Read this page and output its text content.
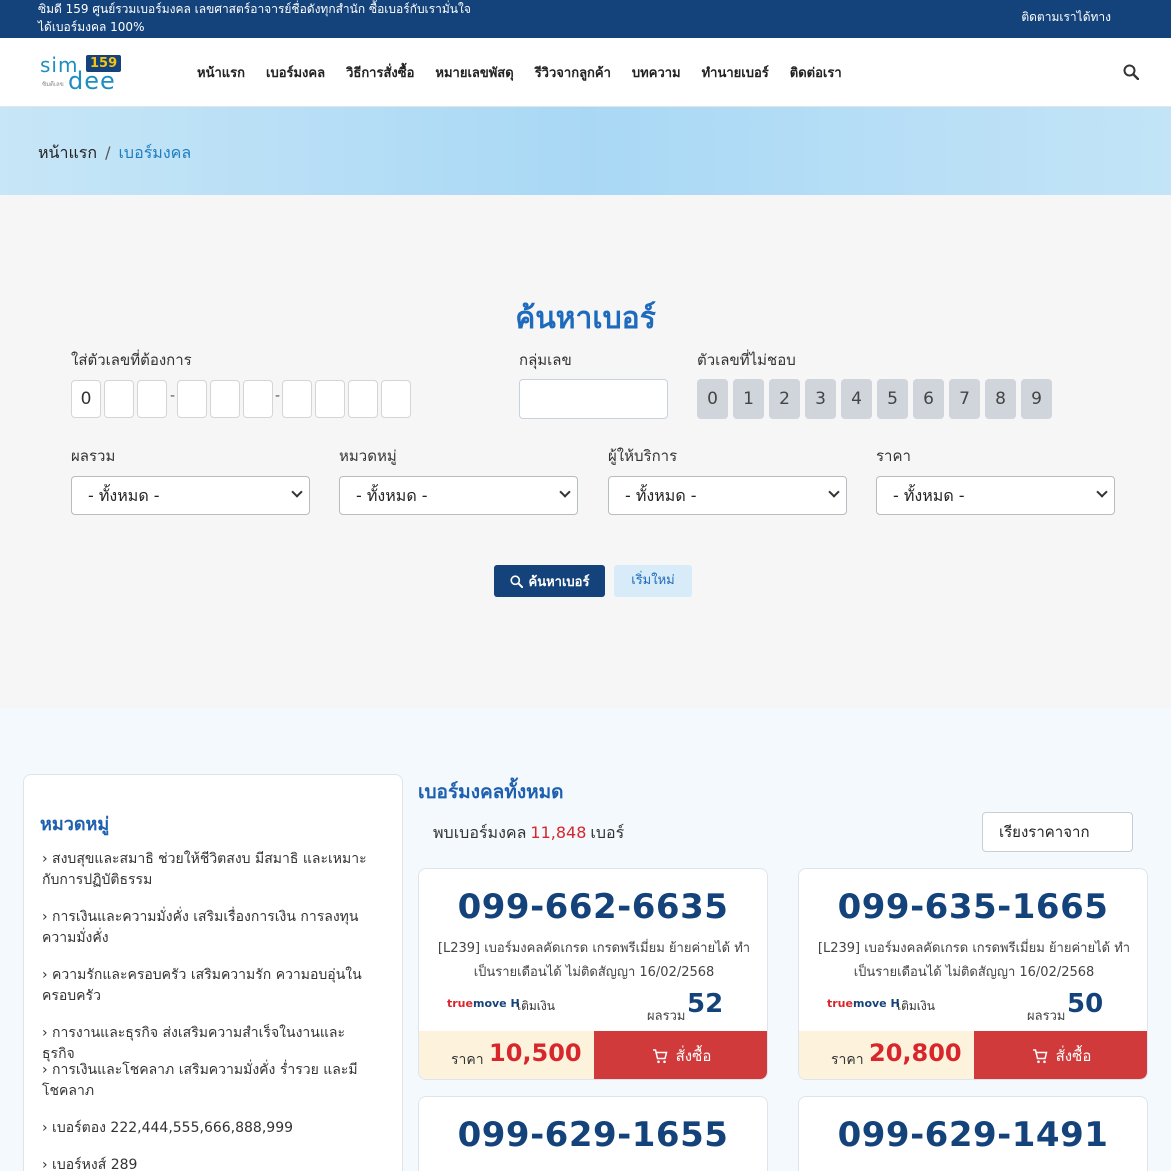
ซิมดี 159 ศูนย์รวมเบอร์มงคล เลขศาสตร์อาจารย์ชื่อดังทุกสำนัก ซื้อเบอร์กับเรามั่นใจ ได้เบอร์มงคล 100%
ติดตามเราได้ทาง
sim 159
dee
ซิมดีเลข
หน้าแรก เบอร์มงคล วิธีการสั่งซื้อ หมายเลขพัสดุ รีวิวจากลูกค้า บทความ ทำนายเบอร์ ติดต่อเรา
หน้าแรก / เบอร์มงคล
ค้นหาเบอร์
ใส่ตัวเลขที่ต้องการ
0	-	-
กลุ่มเลข	ตัวเลขที่ไม่ชอบ
0	1	2	3	4	5	6	7	8	9
ผลรวม
- ทั้งหมด -
หมวดหมู่
- ทั้งหมด -
ผู้ให้บริการ
- ทั้งหมด -
ราคา
- ทั้งหมด -
ค้นหาเบอร์	เริ่มใหม่
หมวดหมู่
› สงบสุขและสมาธิ ช่วยให้ชีวิตสงบ มีสมาธิ และเหมาะกับการปฏิบัติธรรม
› การเงินและความมั่งคั่ง เสริมเรื่องการเงิน การลงทุน ความมั่งคั่ง
› ความรักและครอบครัว เสริมความรัก ความอบอุ่นในครอบครัว
› การงานและธุรกิจ ส่งเสริมความสำเร็จในงานและธุรกิจ
› การเงินและโชคลาภ เสริมความมั่งคั่ง ร่ำรวย และมีโชคลาภ
› เบอร์ตอง 222,444,555,666,888,999
› เบอร์หงส์ 289
เบอร์มงคลทั้งหมด
พบเบอร์มงคล 11,848 เบอร์	เรียงราคาจาก
099-662-6635
[L239] เบอร์มงคลคัดเกรด เกรดพรีเมี่ยม ย้ายค่ายได้ ทำเป็นรายเดือนได้ ไม่ติดสัญญา 16/02/2568
truemove H
เติมเงิน
ผลรวม 52
ราคา 10,500	สั่งซื้อ
099-635-1665
[L239] เบอร์มงคลคัดเกรด เกรดพรีเมี่ยม ย้ายค่ายได้ ทำเป็นรายเดือนได้ ไม่ติดสัญญา 16/02/2568
truemove H
เติมเงิน
ผลรวม 50
ราคา 20,800	สั่งซื้อ
099-629-1655	099-629-1491
